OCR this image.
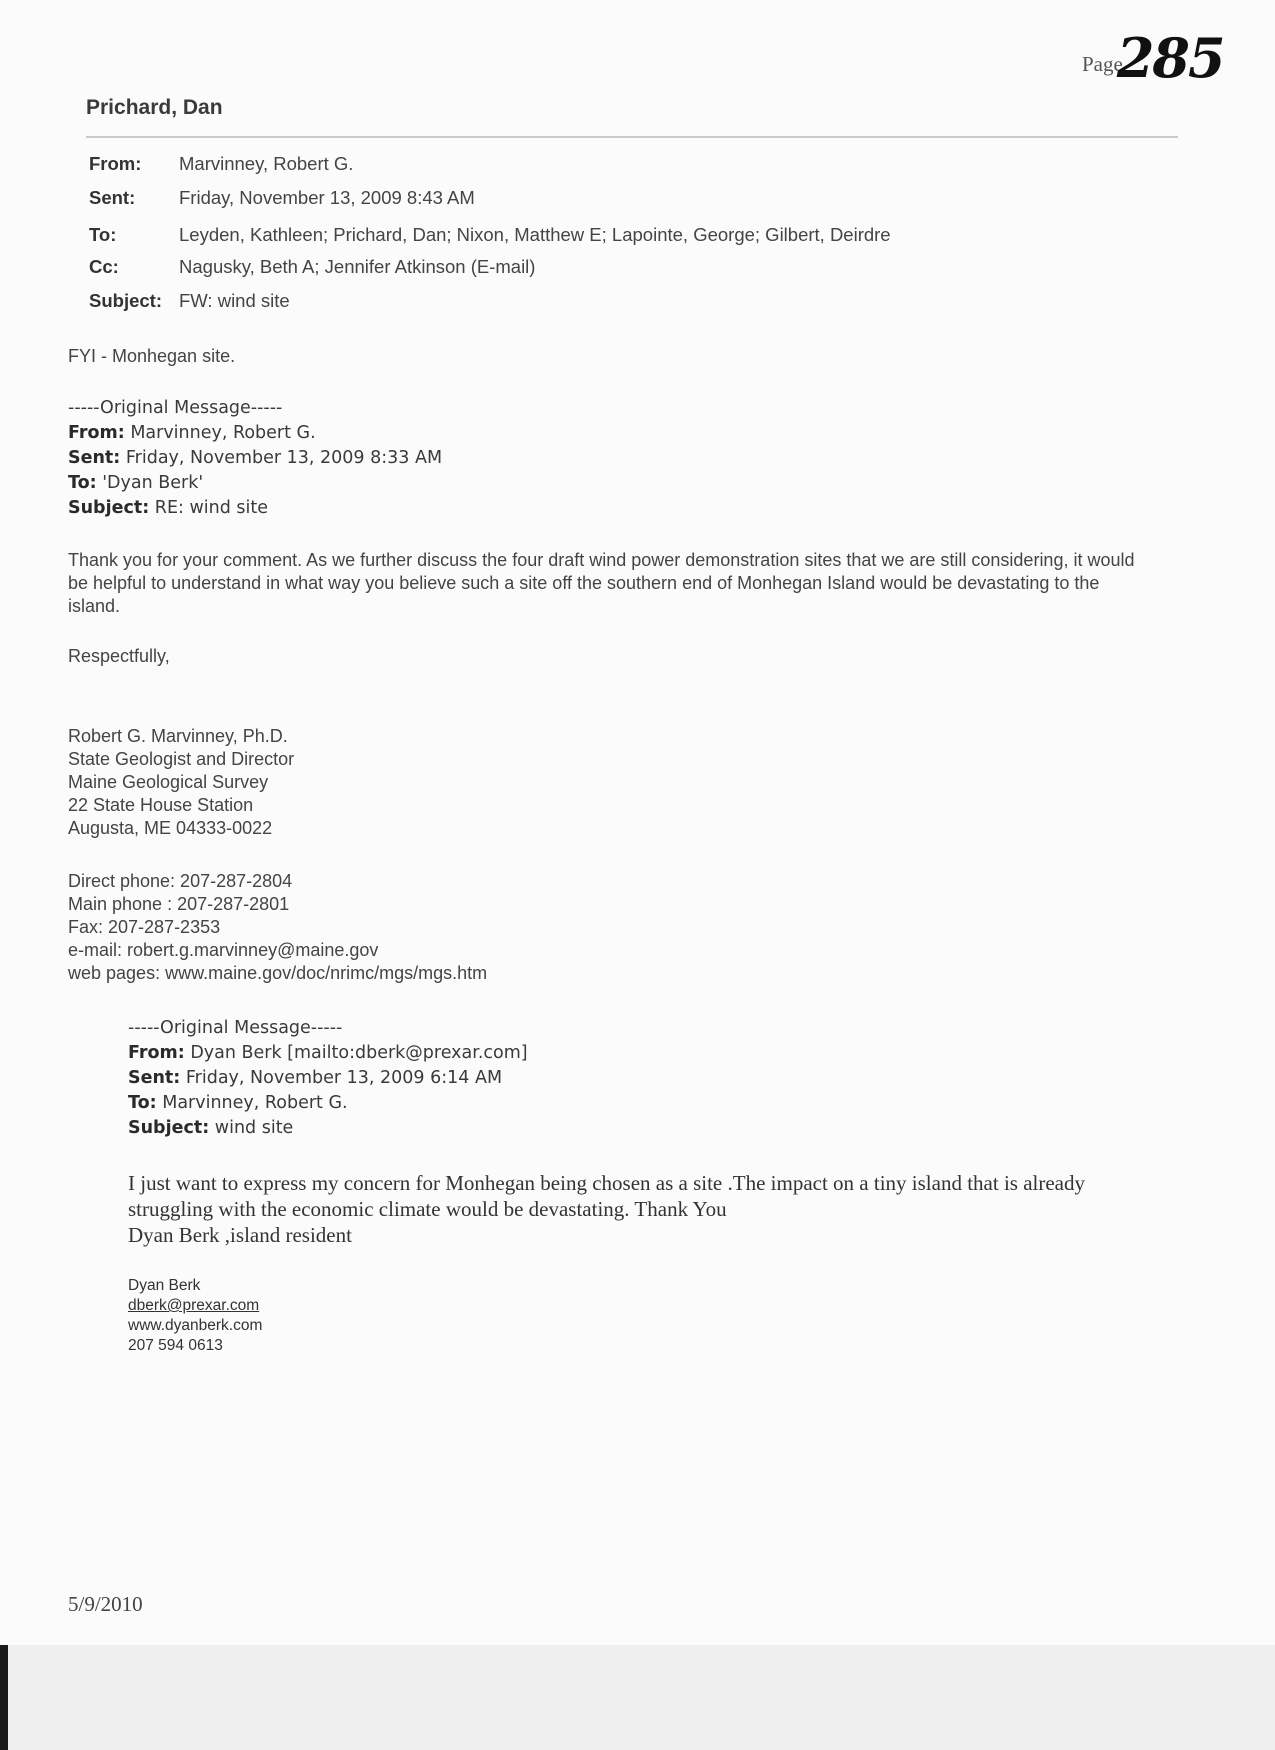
Page285
Prichard, Dan
From: Marvinney, Robert G.
Sent: Friday, November 13, 2009 8:43 AM
To:	Leyden, Kathleen; Prichard, Dan; Nixon, Matthew E; Lapointe, George; Gilbert, Deirdre
Cc:	Nagusky, Beth A; Jennifer Atkinson (E-mail)
Subject: FW: wind site
FYI - Monhegan site.
-----Original Message-----
From: Marvinney, Robert G.
Sent: Friday, November 13, 2009 8:33 AM
To: 'Dyan Berk'
Subject: RE: wind site
Thank you for your comment. As we further discuss the four draft wind power demonstration sites that we are still considering, it would be helpful to understand in what way you believe such a site off the southern end of Monhegan Island would be devastating to the island.
Respectfully,
Robert G. Marvinney, Ph.D.
State Geologist and Director
Maine Geological Survey
22 State House Station
Augusta, ME 04333-0022
Direct phone: 207-287-2804
Main phone : 207-287-2801
Fax: 207-287-2353
e-mail: robert.g.marvinney@maine.gov
web pages: www.maine.gov/doc/nrimc/mgs/mgs.htm
-----Original Message-----
From: Dyan Berk [mailto:dberk@prexar.com]
Sent: Friday, November 13, 2009 6:14 AM
To: Marvinney, Robert G.
Subject: wind site
I just want to express my concern for Monhegan being chosen as a site .The impact on a tiny island that is already struggling with the economic climate would be devastating. Thank You
Dyan Berk ,island resident
Dyan Berk
dberk@prexar.com
www.dyanberk.com
207 594 0613
5/9/2010
